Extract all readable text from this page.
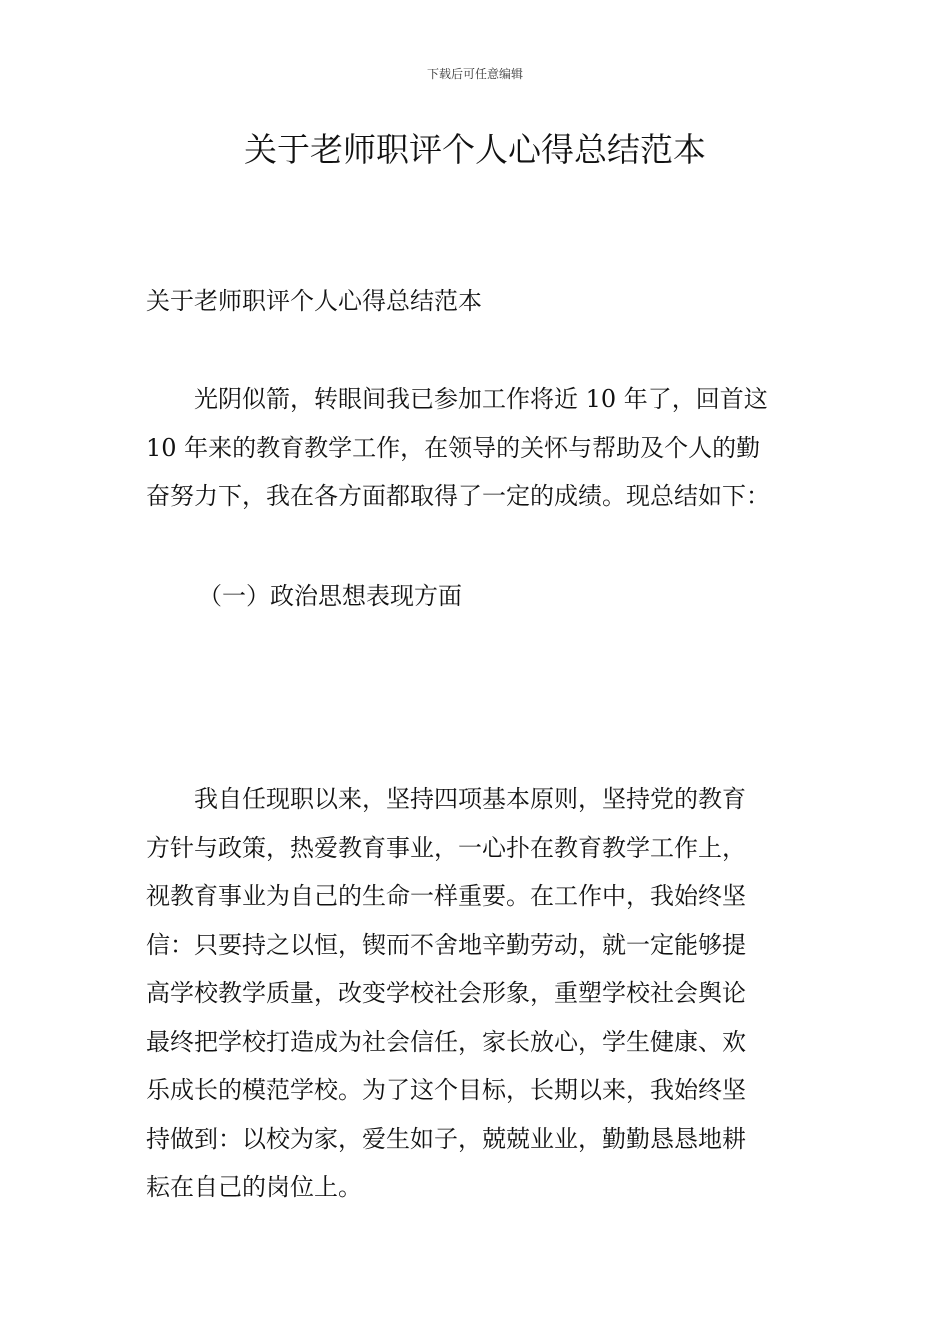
下载后可任意编辑
关于老师职评个人心得总结范本
关于老师职评个人心得总结范本

光阴似箭，转眼间我已参加工作将近 10 年了，回首这
10 年来的教育教学工作，在领导的关怀与帮助及个人的勤
奋努力下，我在各方面都取得了一定的成绩。现总结如下：

（一）政治思想表现方面

我自任现职以来，坚持四项基本原则，坚持党的教育
方针与政策，热爱教育事业，一心扑在教育教学工作上，
视教育事业为自己的生命一样重要。在工作中，我始终坚
信：只要持之以恒，锲而不舍地辛勤劳动，就一定能够提
高学校教学质量，改变学校社会形象，重塑学校社会舆论
最终把学校打造成为社会信任，家长放心，学生健康、欢
乐成长的模范学校。为了这个目标，长期以来，我始终坚
持做到：以校为家，爱生如子，兢兢业业，勤勤恳恳地耕
耘在自己的岗位上。
